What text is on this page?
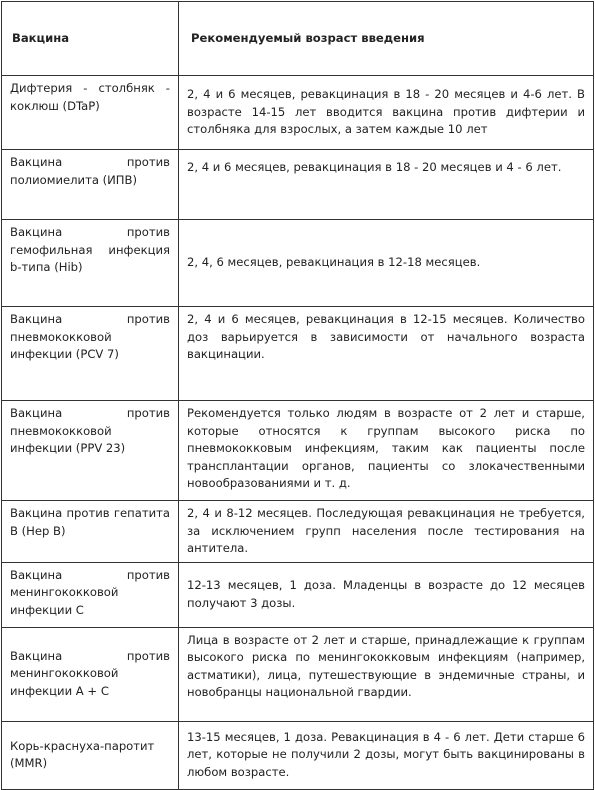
Вакцина	Рекомендуемый возраст введения
Дифтерия - столбняк - коклюш (DTaP)	2, 4 и 6 месяцев, ревакцинация в 18 - 20 месяцев и 4-6 лет. В возрасте 14-15 лет вводится вакцина против дифтерии и столбняка для взрослых, а затем каждые 10 лет
Вакцина против полиомиелита (ИПВ)	2, 4 и 6 месяцев, ревакцинация в 18 - 20 месяцев и 4 - 6 лет.
Вакцина против гемофильная инфекция b-типа (Hib)	2, 4, 6 месяцев, ревакцинация в 12-18 месяцев.
Вакцина против пневмококковой инфекции (PCV 7)	2, 4 и 6 месяцев, ревакцинация в 12-15 месяцев. Количество доз варьируется в зависимости от начального возраста вакцинации.
Вакцина против пневмококковой инфекции (PPV 23)	Рекомендуется только людям в возрасте от 2 лет и старше, которые относятся к группам высокого риска по пневмококковым инфекциям, таким как пациенты после трансплантации органов, пациенты со злокачественными новообразованиями и т. д.
Вакцина против гепатита В (Hep B)	2, 4 и 8-12 месяцев. Последующая ревакцинация не требуется, за исключением групп населения после тестирования на антитела.
Вакцина против менингококковой инфекции С	12-13 месяцев, 1 доза. Младенцы в возрасте до 12 месяцев получают 3 дозы.
Вакцина против менингококковой инфекции А + С	Лица в возрасте от 2 лет и старше, принадлежащие к группам высокого риска по менингококковым инфекциям (например, астматики), лица, путешествующие в эндемичные страны, и новобранцы национальной гвардии.
Корь-краснуха-паротит (MMR)	13-15 месяцев, 1 доза. Ревакцинация в 4 - 6 лет. Дети старше 6 лет, которые не получили 2 дозы, могут быть вакцинированы в любом возрасте.
